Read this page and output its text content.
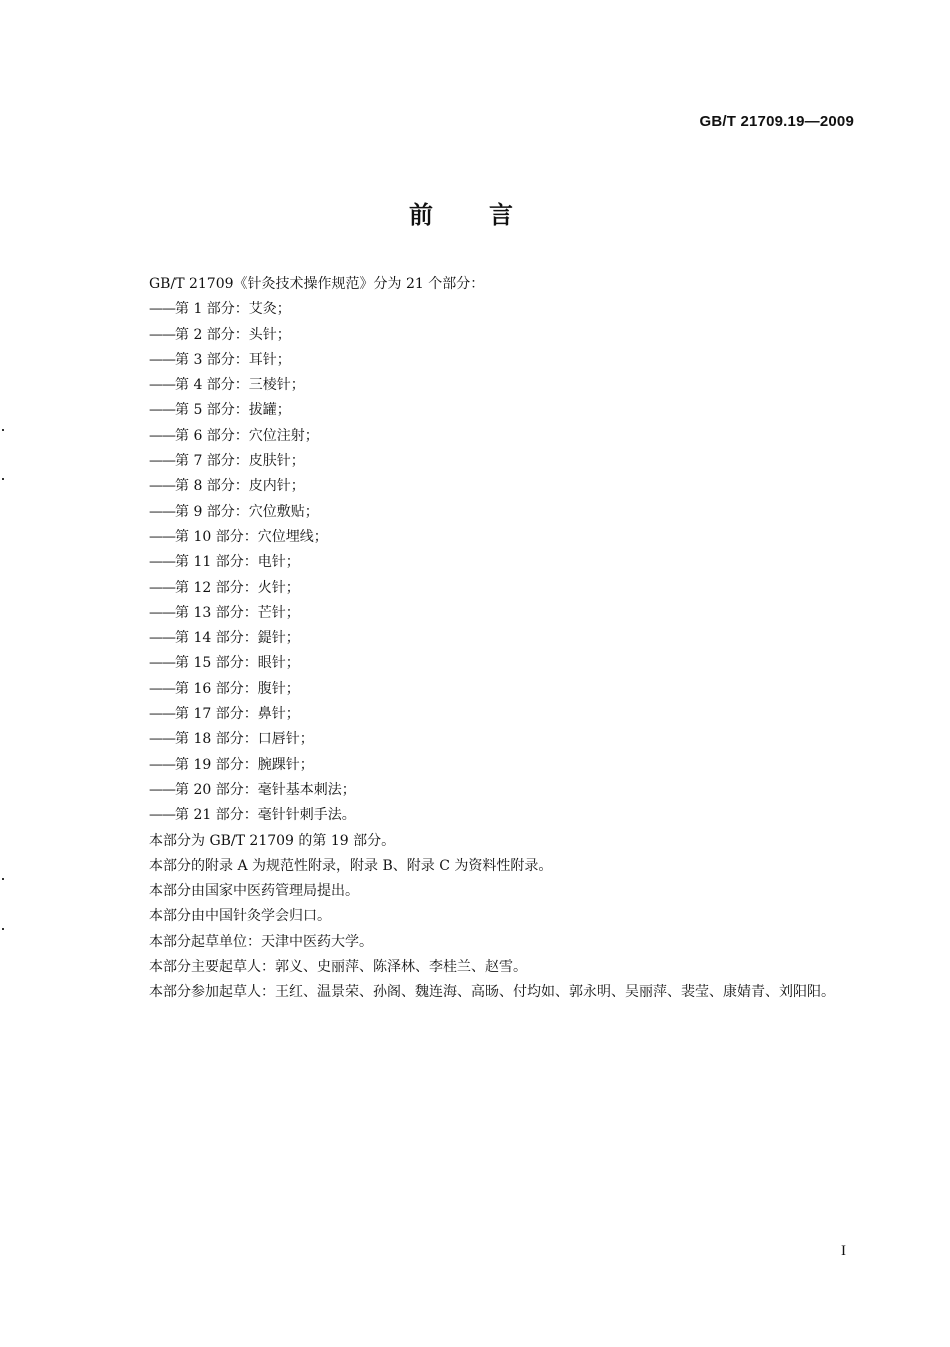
GB/T 21709.19—2009
前言

GB/T 21709《针灸技术操作规范》分为 21 个部分：

——第 1 部分：艾灸；
——第 2 部分：头针；
——第 3 部分：耳针；
——第 4 部分：三棱针；
——第 5 部分：拔罐；
——第 6 部分：穴位注射；
——第 7 部分：皮肤针；
——第 8 部分：皮内针；
——第 9 部分：穴位敷贴；
——第 10 部分：穴位埋线；
——第 11 部分：电针；
——第 12 部分：火针；
——第 13 部分：芒针；
——第 14 部分：鍉针；
——第 15 部分：眼针；
——第 16 部分：腹针；
——第 17 部分：鼻针；
——第 18 部分：口唇针；
——第 19 部分：腕踝针；
——第 20 部分：毫针基本刺法；
——第 21 部分：毫针针刺手法。

本部分为 GB/T 21709 的第 19 部分。

本部分的附录 A 为规范性附录，附录 B、附录 C 为资料性附录。

本部分由国家中医药管理局提出。

本部分由中国针灸学会归口。

本部分起草单位：天津中医药大学。

本部分主要起草人：郭义、史丽萍、陈泽林、李桂兰、赵雪。

本部分参加起草人：王红、温景荣、孙阁、魏连海、高旸、付均如、郭永明、吴丽萍、裴莹、康婧青、刘阳阳。

I
